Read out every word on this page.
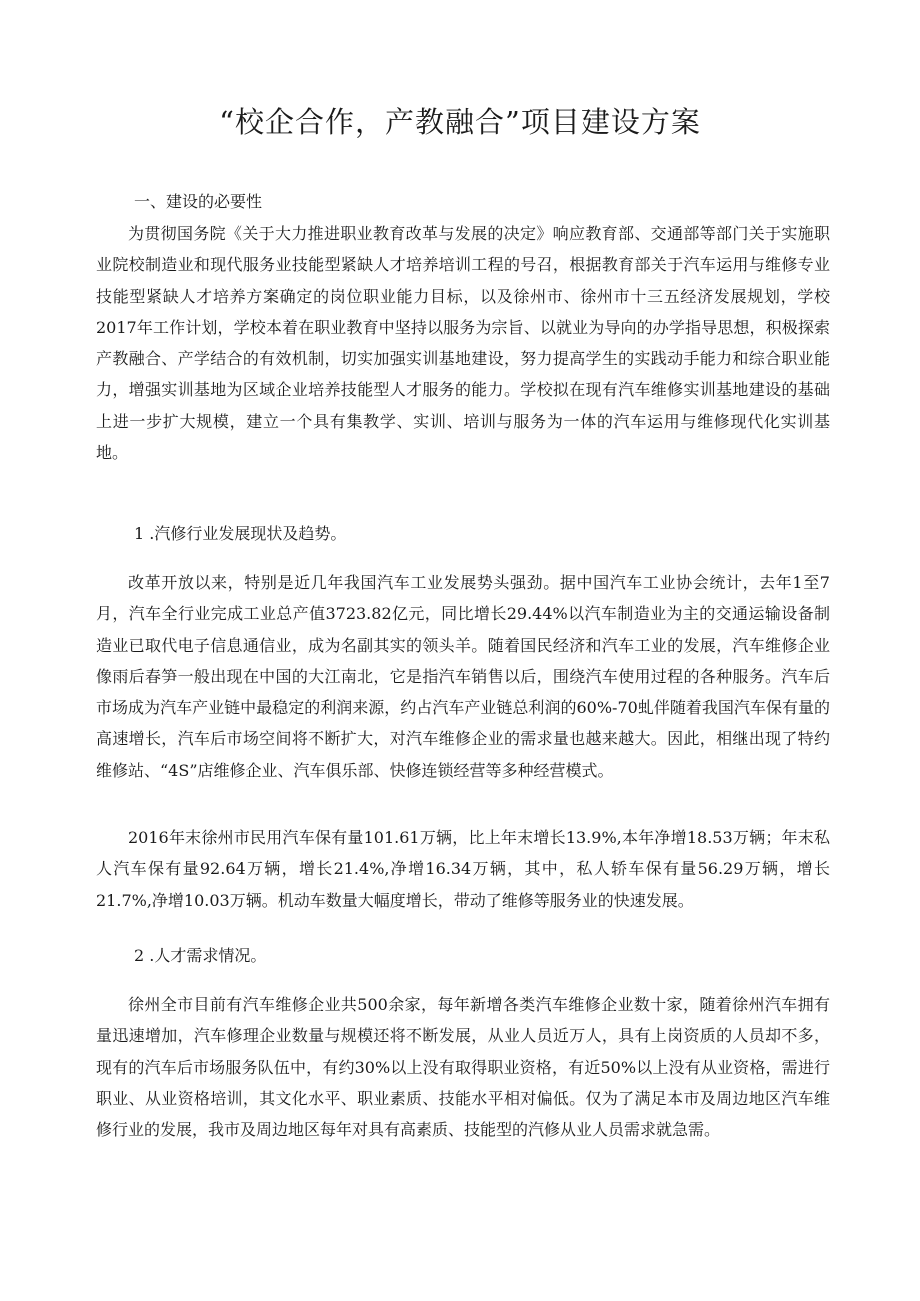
“校企合作，产教融合”项目建设方案

一、建设的必要性

为贯彻国务院《关于大力推进职业教育改革与发展的决定》响应教育部、交通部等部门关于实施职业院校制造业和现代服务业技能型紧缺人才培养培训工程的号召，根据教育部关于汽车运用与维修专业技能型紧缺人才培养方案确定的岗位职业能力目标，以及徐州市、徐州市十三五经济发展规划，学校2017年工作计划，学校本着在职业教育中坚持以服务为宗旨、以就业为导向的办学指导思想，积极探索产教融合、产学结合的有效机制，切实加强实训基地建设，努力提高学生的实践动手能力和综合职业能力，增强实训基地为区域企业培养技能型人才服务的能力。学校拟在现有汽车维修实训基地建设的基础上进一步扩大规模，建立一个具有集教学、实训、培训与服务为一体的汽车运用与维修现代化实训基地。

1 .汽修行业发展现状及趋势。

改革开放以来，特别是近几年我国汽车工业发展势头强劲。据中国汽车工业协会统计，去年1至7月，汽车全行业完成工业总产值3723.82亿元，同比增长29.44%以汽车制造业为主的交通运输设备制造业已取代电子信息通信业，成为名副其实的领头羊。随着国民经济和汽车工业的发展，汽车维修企业像雨后春笋一般出现在中国的大江南北，它是指汽车销售以后，围绕汽车使用过程的各种服务。汽车后市场成为汽车产业链中最稳定的利润来源，约占汽车产业链总利润的60%-70虬伴随着我国汽车保有量的高速增长，汽车后市场空间将不断扩大，对汽车维修企业的需求量也越来越大。因此，相继出现了特约维修站、“4S”店维修企业、汽车俱乐部、快修连锁经营等多种经营模式。

2016年末徐州市民用汽车保有量101.61万辆，比上年末增长13.9%,本年净增18.53万辆；年末私人汽车保有量92.64万辆，增长21.4%,净增16.34万辆，其中，私人轿车保有量56.29万辆，增长21.7%,净增10.03万辆。机动车数量大幅度增长，带动了维修等服务业的快速发展。

2 .人才需求情况。

徐州全市目前有汽车维修企业共500余家，每年新增各类汽车维修企业数十家，随着徐州汽车拥有量迅速增加，汽车修理企业数量与规模还将不断发展，从业人员近万人，具有上岗资质的人员却不多，现有的汽车后市场服务队伍中，有约30%以上没有取得职业资格，有近50%以上没有从业资格，需进行职业、从业资格培训，其文化水平、职业素质、技能水平相对偏低。仅为了满足本市及周边地区汽车维修行业的发展，我市及周边地区每年对具有高素质、技能型的汽修从业人员需求就急需。
